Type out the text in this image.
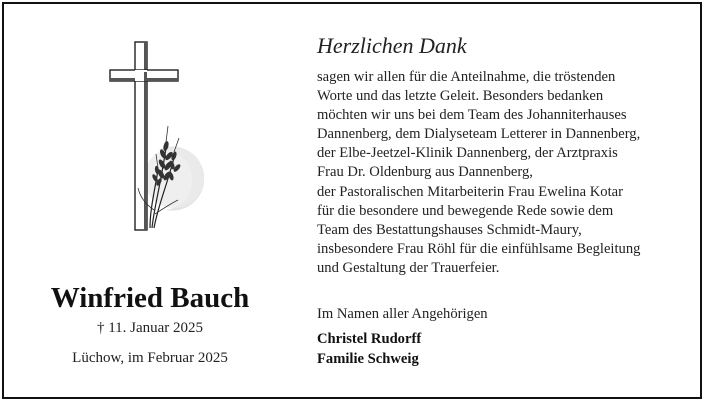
Winfried Bauch
† 11. Januar 2025
Lüchow, im Februar 2025
Herzlichen Dank
sagen wir allen für die Anteilnahme, die tröstenden
Worte und das letzte Geleit. Besonders bedanken
möchten wir uns bei dem Team des Johanniterhauses
Dannenberg, dem Dialyseteam Letterer in Dannenberg,
der Elbe-Jeetzel-Klinik Dannenberg, der Arztpraxis
Frau Dr. Oldenburg aus Dannenberg,
der Pastoralischen Mitarbeiterin Frau Ewelina Kotar
für die besondere und bewegende Rede sowie dem
Team des Bestattungshauses Schmidt-Maury,
insbesondere Frau Röhl für die einfühlsame Begleitung
und Gestaltung der Trauerfeier.
Im Namen aller Angehörigen
Christel Rudorff
Familie Schweig
